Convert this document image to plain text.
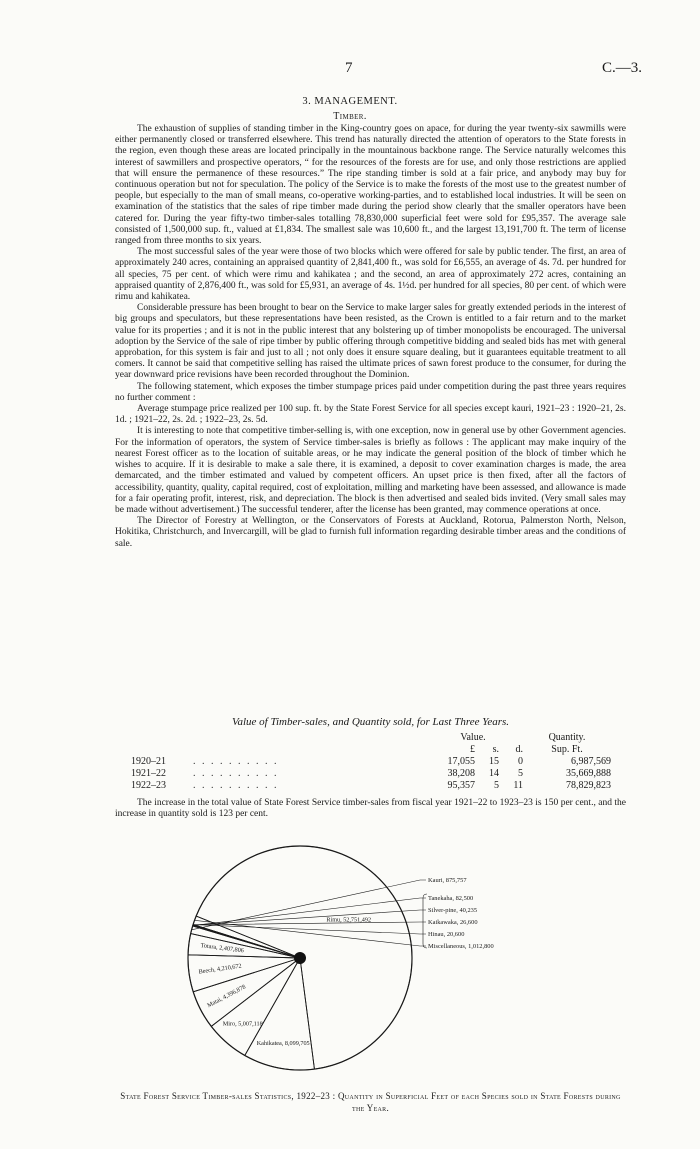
7	C.—3.
3. MANAGEMENT.
Timber.

The exhaustion of supplies of standing timber in the King-country goes on apace, for during the year twenty-six sawmills were either permanently closed or transferred elsewhere. This trend has naturally directed the attention of operators to the State forests in the region, even though these areas are located principally in the mountainous backbone range. The Service naturally welcomes this interest of sawmillers and prospective operators, “ for the resources of the forests are for use, and only those restrictions are applied that will ensure the permanence of these resources.” The ripe standing timber is sold at a fair price, and anybody may buy for continuous operation but not for speculation. The policy of the Service is to make the forests of the most use to the greatest number of people, but especially to the man of small means, co-operative working-parties, and to established local industries. It will be seen on examination of the statistics that the sales of ripe timber made during the period show clearly that the smaller operators have been catered for. During the year fifty-two timber-sales totalling 78,830,000 superficial feet were sold for £95,357. The average sale consisted of 1,500,000 sup. ft., valued at £1,834. The smallest sale was 10,600 ft., and the largest 13,191,700 ft. The term of license ranged from three months to six years.

The most successful sales of the year were those of two blocks which were offered for sale by public tender. The first, an area of approximately 240 acres, containing an appraised quantity of 2,841,400 ft., was sold for £6,555, an average of 4s. 7d. per hundred for all species, 75 per cent. of which were rimu and kahikatea ; and the second, an area of approximately 272 acres, containing an appraised quantity of 2,876,400 ft., was sold for £5,931, an average of 4s. 1½d. per hundred for all species, 80 per cent. of which were rimu and kahikatea.

Considerable pressure has been brought to bear on the Service to make larger sales for greatly extended periods in the interest of big groups and speculators, but these representations have been resisted, as the Crown is entitled to a fair return and to the market value for its properties ; and it is not in the public interest that any bolstering up of timber monopolists be encouraged. The universal adoption by the Service of the sale of ripe timber by public offering through competitive bidding and sealed bids has met with general approbation, for this system is fair and just to all ; not only does it ensure square dealing, but it guarantees equitable treatment to all comers. It cannot be said that competitive selling has raised the ultimate prices of sawn forest produce to the consumer, for during the year downward price revisions have been recorded throughout the Dominion.

The following statement, which exposes the timber stumpage prices paid under competition during the past three years requires no further comment :

Average stumpage price realized per 100 sup. ft. by the State Forest Service for all species except kauri, 1921–23 : 1920–21, 2s. 1d. ; 1921–22, 2s. 2d. ; 1922–23, 2s. 5d.

It is interesting to note that competitive timber-selling is, with one exception, now in general use by other Government agencies. For the information of operators, the system of Service timber-sales is briefly as follows : The applicant may make inquiry of the nearest Forest officer as to the location of suitable areas, or he may indicate the general position of the block of timber which he wishes to acquire. If it is desirable to make a sale there, it is examined, a deposit to cover examination charges is made, the area demarcated, and the timber estimated and valued by competent officers. An upset price is then fixed, after all the factors of accessibility, quantity, quality, capital required, cost of exploitation, milling and marketing have been assessed, and allowance is made for a fair operating profit, interest, risk, and depreciation. The block is then advertised and sealed bids invited. (Very small sales may be made without advertisement.) The successful tenderer, after the license has been granted, may commence operations at once.

The Director of Forestry at Wellington, or the Conservators of Forests at Auckland, Rotorua, Palmerston North, Nelson, Hokitika, Christchurch, and Invercargill, will be glad to furnish full information regarding desirable timber areas and the conditions of sale.

Value of Timber-sales, and Quantity sold, for Last Three Years.
		Value.			Quantity.
		£	s.	d.	Sup. Ft.
1920–21	. . . . . . . . . .	17,055	15	0	6,987,569
1921–22	. . . . . . . . . .	38,208	14	5	35,669,888
1922–23	. . . . . . . . . .	95,357	5	11	78,829,823

The increase in the total value of State Forest Service timber-sales from fiscal year 1921–22 to 1923–23 is 150 per cent., and the increase in quantity sold is 123 per cent.

Rimu, 52,751,492
Kahikatea, 8,099,705
Miro, 5,007,118
Matai, 4,396,878
Beech, 4,210,672
Totara, 2,407,806
Kauri, 875,757
Tanekaha, 82,500
Silver-pine, 40,235
Kaikawaka, 26,600
Hinau, 20,600
Miscellaneous, 1,012,800
State Forest Service Timber-sales Statistics, 1922–23 : Quantity in Superficial Feet of each Species sold in State Forests during the Year.
